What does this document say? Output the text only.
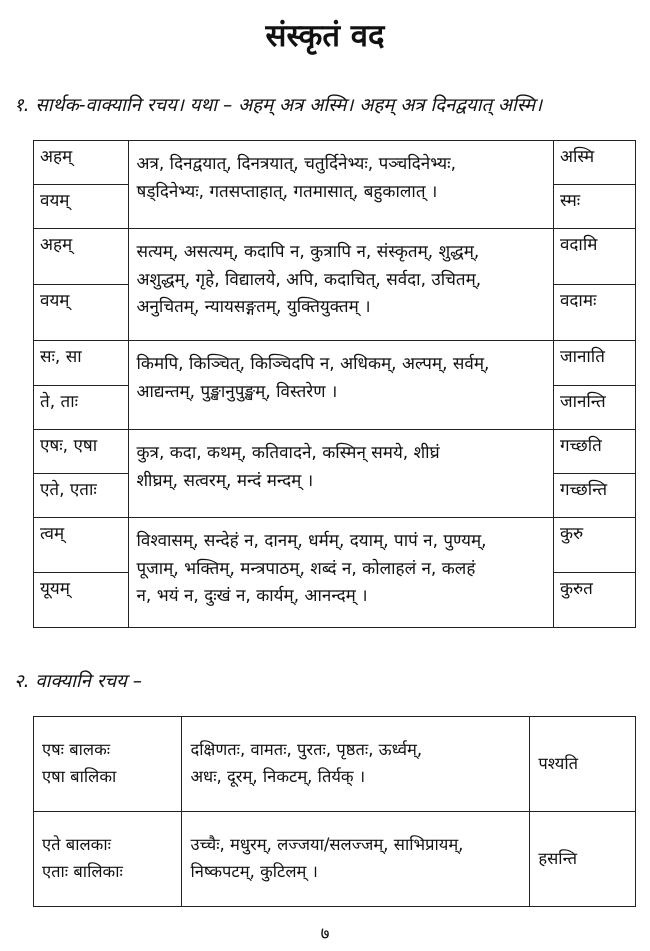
संस्कृतं वद
१. सार्थक-वाक्यानि रचय। यथा – अहम् अत्र अस्मि। अहम् अत्र दिनद्वयात् अस्मि।
अहम्	अत्र, दिनद्वयात्, दिनत्रयात्, चतुर्दिनेभ्यः, पञ्चदिनेभ्यः,
षड्दिनेभ्यः, गतसप्ताहात्, गतमासात्, बहुकालात् ।	अस्मि
वयम्		स्मः
अहम्	सत्यम्, असत्यम्, कदापि न, कुत्रापि न, संस्कृतम्, शुद्धम्,
अशुद्धम्, गृहे, विद्यालये, अपि, कदाचित्, सर्वदा, उचितम्,
अनुचितम्, न्यायसङ्गतम्, युक्तियुक्तम् ।	वदामि
वयम्		वदामः
सः, सा	किमपि, किञ्चित्, किञ्चिदपि न, अधिकम्, अल्पम्, सर्वम्,
आद्यन्तम्, पुङ्खानुपुङ्खम्, विस्तरेण ।	जानाति
ते, ताः		जानन्ति
एषः, एषा	कुत्र, कदा, कथम्, कतिवादने, कस्मिन् समये, शीघ्रं
शीघ्रम्, सत्वरम्, मन्दं मन्दम् ।	गच्छति
एते, एताः		गच्छन्ति
त्वम्	विश्वासम्, सन्देहं न, दानम्, धर्मम्, दयाम्, पापं न, पुण्यम्,
पूजाम्, भक्तिम्, मन्त्रपाठम्, शब्दं न, कोलाहलं न, कलहं
न, भयं न, दुःखं न, कार्यम्, आनन्दम् ।	कुरु
यूयम्		कुरुत
२. वाक्यानि रचय –
एषः बालकः
एषा बालिका	दक्षिणतः, वामतः, पुरतः, पृष्ठतः, ऊर्ध्वम्,
अधः, दूरम्, निकटम्, तिर्यक् ।	पश्यति

एते बालकाः
एताः बालिकाः	उच्चैः, मधुरम्, लज्जया/सलज्जम्, साभिप्रायम्,
निष्कपटम्, कुटिलम् ।	हसन्ति
७
